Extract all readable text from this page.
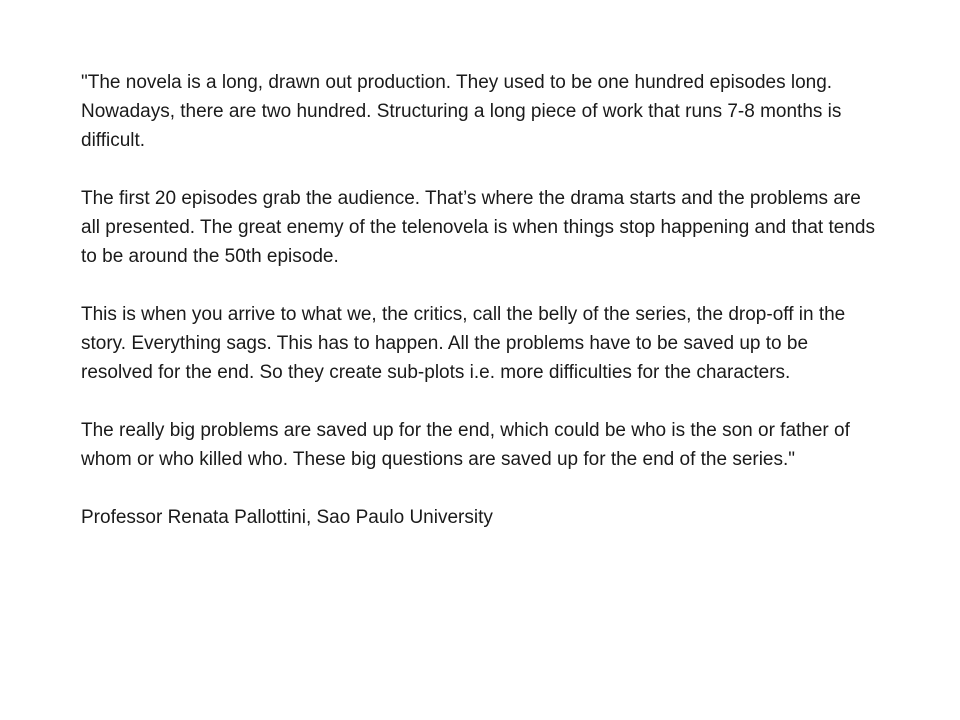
"The novela is a long, drawn out production. They used to be one hundred episodes long. Nowadays, there are two hundred. Structuring a long piece of work that runs 7-8 months is difficult.

The first 20 episodes grab the audience. That’s where the drama starts and the problems are all presented. The great enemy of the telenovela is when things stop happening and that tends to be around the 50th episode.

This is when you arrive to what we, the critics, call the belly of the series, the drop-off in the story. Everything sags. This has to happen. All the problems have to be saved up to be resolved for the end. So they create sub-plots i.e. more difficulties for the characters.

The really big problems are saved up for the end, which could be who is the son or father of whom or who killed who. These big questions are saved up for the end of the series."

Professor Renata Pallottini, Sao Paulo University
